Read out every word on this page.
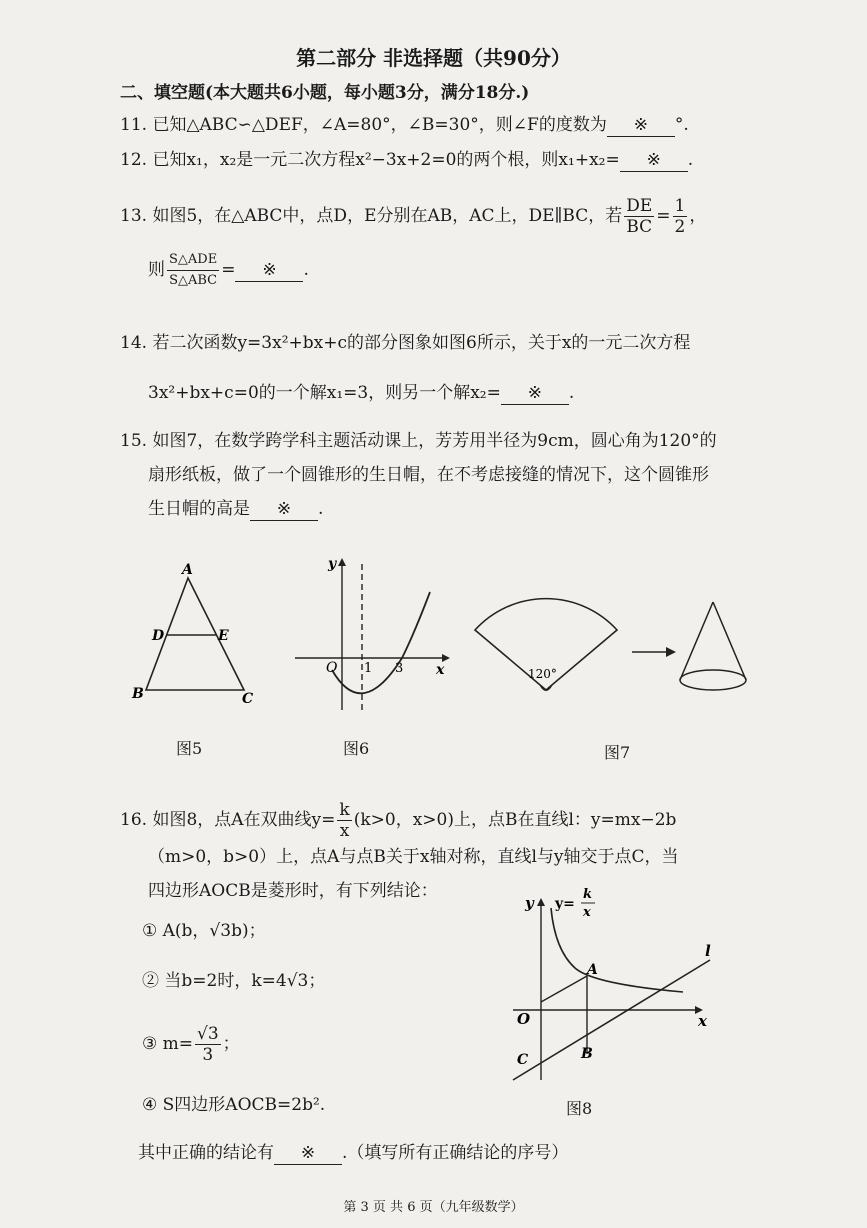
第二部分 非选择题（共90分）
二、填空题(本大题共6小题，每小题3分，满分18分.)
11. 已知△ABC∽△DEF，∠A=80°，∠B=30°，则∠F的度数为 ※ °.
12. 已知x₁，x₂是一元二次方程x²−3x+2=0的两个根，则x₁+x₂= ※ .
13. 如图5，在△ABC中，点D，E分别在AB，AC上，DE∥BC，若 $\frac{DE}{BC} = \frac{1}{2}$ ，
则 $\frac{\text{S△ADE}}{\text{S△ABC}}$ = ※ .
14. 若二次函数y=3x²+bx+c的部分图象如图6所示，关于x的一元二次方程
3x²+bx+c=0的一个解x₁=3，则另一个解x₂= ※ .
15. 如图7，在数学跨学科主题活动课上，芳芳用半径为9cm，圆心角为120°的
扇形纸板，做了一个圆锥形的生日帽，在不考虑接缝的情况下，这个圆锥形
生日帽的高是 ※ .
A
B	C
D	E
图5
y
x
O 1 3
图6
120°
图7
16. 如图8，点A在双曲线$y= \frac{k}{x} (k>0$，x>0)上，点B在直线l：y=mx−2b
（m>0，b>0）上，点A与点B关于x轴对称，直线l与y轴交于点C，当
四边形AOCB是菱形时，有下列结论：
① A(b，√3b)；
② 当b=2时，k=4√3；
③ $m= \frac{√3}{3}$ ；
④ S四边形AOCB=2b².
其中正确的结论有 ※ .（填写所有正确结论的序号）
y y=
k
x
x
O
A
B
C
l
图8
第 3 页 共 6 页（九年级数学）
